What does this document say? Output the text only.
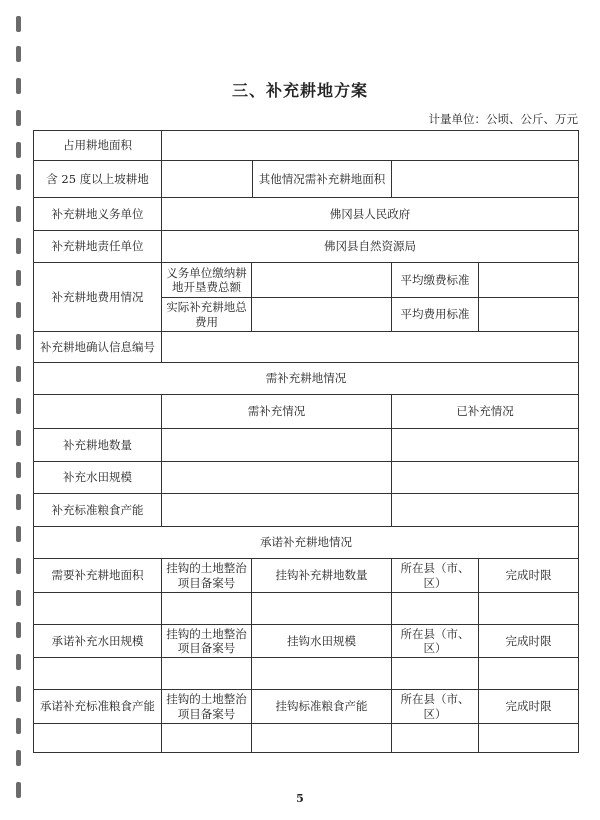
三、补充耕地方案
计量单位：公顷、公斤、万元
占用耕地面积				
含 25 度以上坡耕地	其他情况需补充耕地面积			

补充耕地义务单位	佛冈县人民政府			
补充耕地责任单位	佛冈县自然资源局			
补充耕地费用情况	义务单位缴纳耕地开垦费总额		平均缴费标准	
	实际补充耕地总费用		平均费用标准	
补充耕地确认信息编号				
需补充耕地情况				
	需补充情况		已补充情况	
补充耕地数量				
补充水田规模				
补充标准粮食产能				
承诺补充耕地情况				
需要补充耕地面积	挂钩的土地整治项目备案号	挂钩补充耕地数量	所在县（市、区）	完成时限

承诺补充水田规模	挂钩的土地整治项目备案号	挂钩水田规模	所在县（市、区）	完成时限

承诺补充标准粮食产能	挂钩的土地整治项目备案号	挂钩标准粮食产能	所在县（市、区）	完成时限

5
